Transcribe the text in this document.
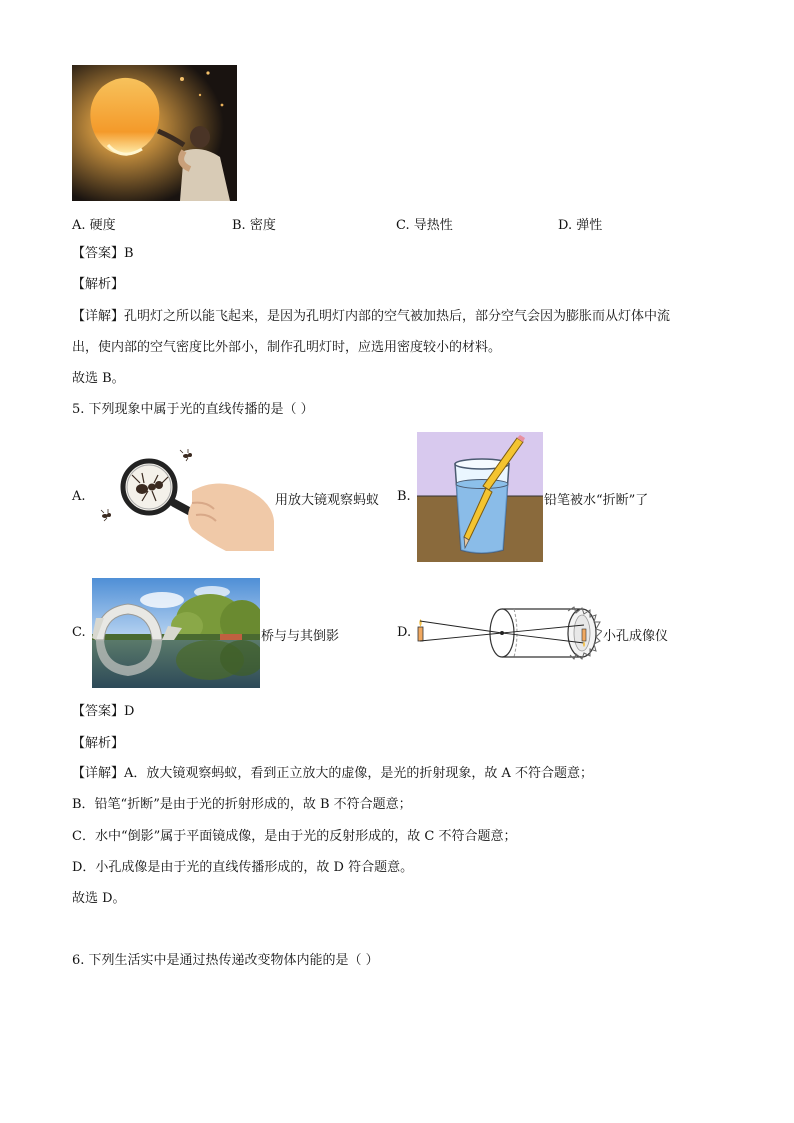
A. 硬度	B. 密度	C. 导热性	D. 弹性
【答案】B
【解析】
【详解】孔明灯之所以能飞起来，是因为孔明灯内部的空气被加热后，部分空气会因为膨胀而从灯体中流
出，使内部的空气密度比外部小，制作孔明灯时，应选用密度较小的材料。
故选 B。
5. 下列现象中属于光的直线传播的是（ ）
A.	用放大镜观察蚂蚁 B.	铅笔被水“折断”了
C.	桥与与其倒影	D.	小孔成像仪
【答案】D
【解析】
【详解】A．放大镜观察蚂蚁，看到正立放大的虚像，是光的折射现象，故 A 不符合题意；
B．铅笔“折断”是由于光的折射形成的，故 B 不符合题意；
C．水中“倒影”属于平面镜成像，是由于光的反射形成的，故 C 不符合题意；
D．小孔成像是由于光的直线传播形成的，故 D 符合题意。
故选 D。
6. 下列生活实中是通过热传递改变物体内能的是（ ）
